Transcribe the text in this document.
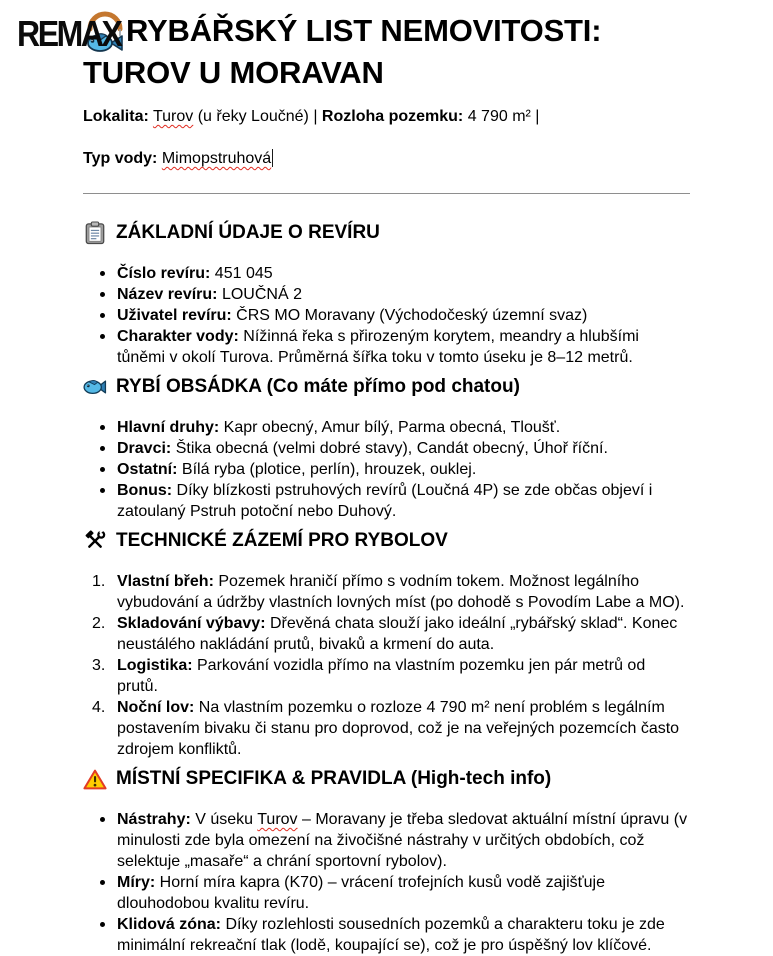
REMAX RYBÁŘSKÝ LIST NEMOVITOSTI:
TUROV U MORAVAN

Lokalita: Turov (u řeky Loučné) | Rozloha pozemku: 4 790 m² |

Typ vody: Mimopstruhová

ZÁKLADNÍ ÚDAJE O REVÍRU
Číslo revíru: 451 045
Název revíru: LOUČNÁ 2
Uživatel revíru: ČRS MO Moravany (Východočeský územní svaz)
Charakter vody: Nížinná řeka s přirozeným korytem, meandry a hlubšími tůněmi v okolí Turova. Průměrná šířka toku v tomto úseku je 8–12 metrů.
RYBÍ OBSÁDKA (Co máte přímo pod chatou)
Hlavní druhy: Kapr obecný, Amur bílý, Parma obecná, Tloušť.
Dravci: Štika obecná (velmi dobré stavy), Candát obecný, Úhoř říční.
Ostatní: Bílá ryba (plotice, perlín), hrouzek, ouklej.
Bonus: Díky blízkosti pstruhových revírů (Loučná 4P) se zde občas objeví i zatoulaný Pstruh potoční nebo Duhový.
TECHNICKÉ ZÁZEMÍ PRO RYBOLOV
1. Vlastní břeh: Pozemek hraničí přímo s vodním tokem. Možnost legálního vybudování a údržby vlastních lovných míst (po dohodě s Povodím Labe a MO).
2. Skladování výbavy: Dřevěná chata slouží jako ideální „rybářský sklad“. Konec neustálého nakládání prutů, bivaků a krmení do auta.
3. Logistika: Parkování vozidla přímo na vlastním pozemku jen pár metrů od prutů.
4. Noční lov: Na vlastním pozemku o rozloze 4 790 m² není problém s legálním postavením bivaku či stanu pro doprovod, což je na veřejných pozemcích často zdrojem konfliktů.
MÍSTNÍ SPECIFIKA & PRAVIDLA (High-tech info)
Nástrahy: V úseku Turov – Moravany je třeba sledovat aktuální místní úpravu (v minulosti zde byla omezení na živočišné nástrahy v určitých obdobích, což selektuje „masaře“ a chrání sportovní rybolov).
Míry: Horní míra kapra (K70) – vrácení trofejních kusů vodě zajišťuje dlouhodobou kvalitu revíru.
Klidová zóna: Díky rozlehlosti sousedních pozemků a charakteru toku je zde minimální rekreační tlak (lodě, koupající se), což je pro úspěšný lov klíčové.
